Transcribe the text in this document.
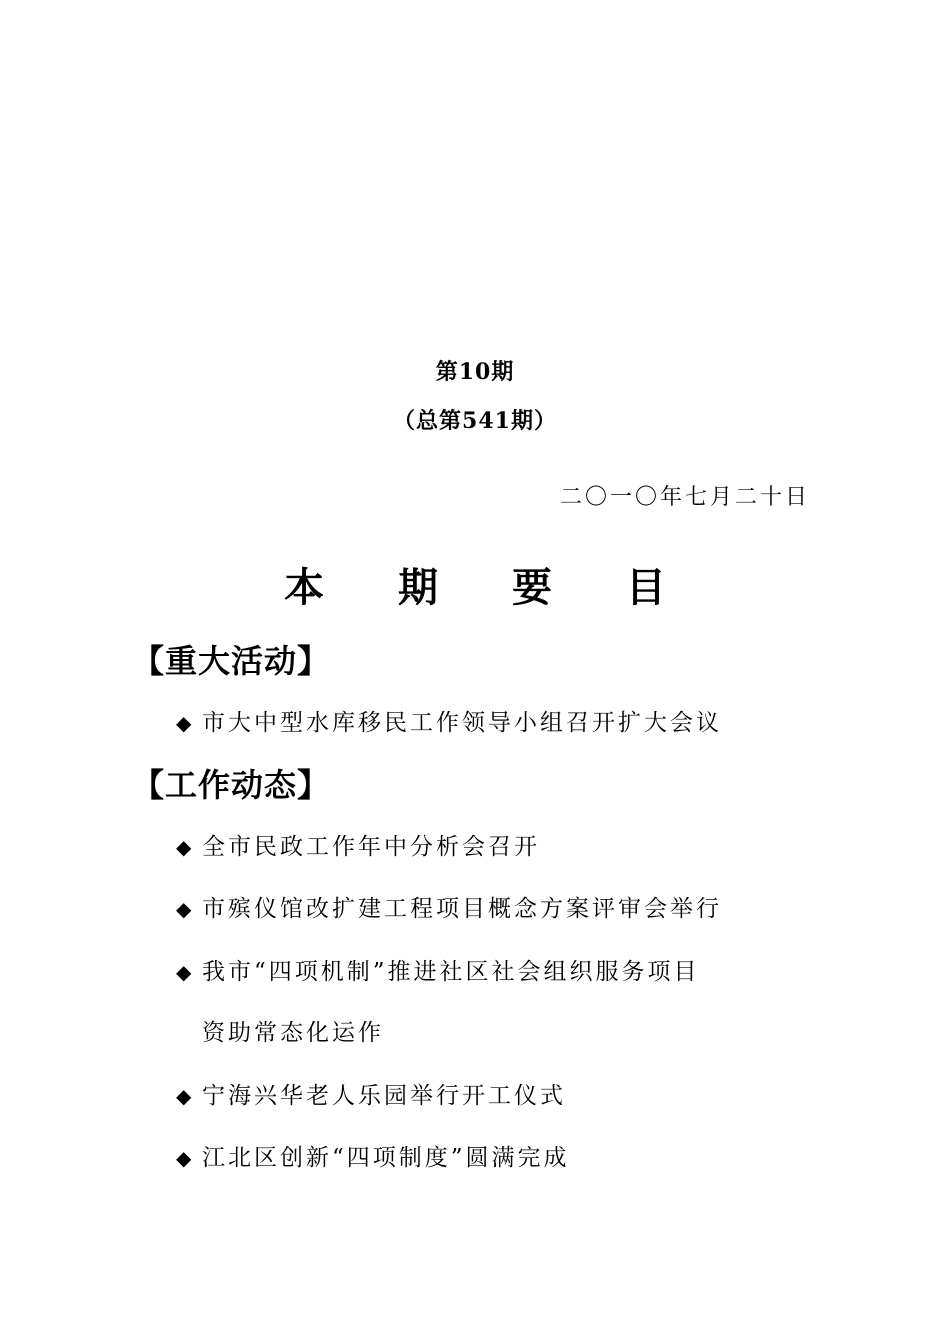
第10期
（总第541期）
二〇一〇年七月二十日
本 期 要 目
【重大活动】
◆ 市大中型水库移民工作领导小组召开扩大会议
【工作动态】
◆ 全市民政工作年中分析会召开
◆ 市殡仪馆改扩建工程项目概念方案评审会举行
◆ 我市“四项机制”推进社区社会组织服务项目
资助常态化运作
◆ 宁海兴华老人乐园举行开工仪式
◆ 江北区创新“四项制度”圆满完成
